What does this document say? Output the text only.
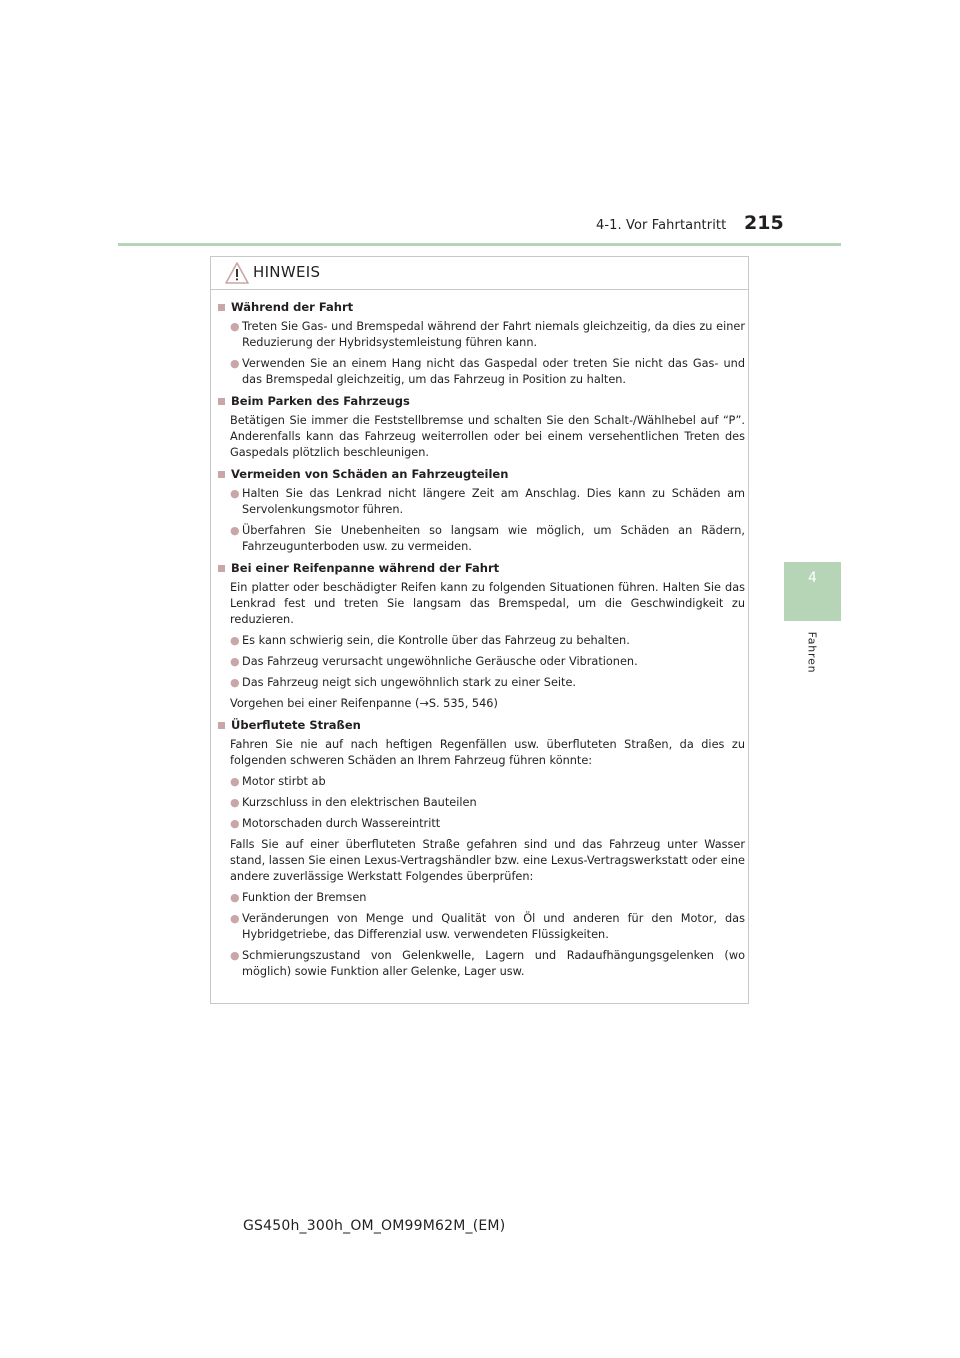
4-1. Vor Fahrtantritt 215
4
Fahren
HINWEIS
Während der Fahrt
● Treten Sie Gas- und Bremspedal während der Fahrt niemals gleichzeitig, da dies zu einer Reduzierung der Hybridsystemleistung führen kann.
● Verwenden Sie an einem Hang nicht das Gaspedal oder treten Sie nicht das Gas- und das Bremspedal gleichzeitig, um das Fahrzeug in Position zu halten.
Beim Parken des Fahrzeugs
Betätigen Sie immer die Feststellbremse und schalten Sie den Schalt-/Wählhebel auf “P”. Anderenfalls kann das Fahrzeug weiterrollen oder bei einem versehentlichen Treten des Gaspedals plötzlich beschleunigen.
Vermeiden von Schäden an Fahrzeugteilen
● Halten Sie das Lenkrad nicht längere Zeit am Anschlag. Dies kann zu Schäden am Servolenkungsmotor führen.
● Überfahren Sie Unebenheiten so langsam wie möglich, um Schäden an Rädern, Fahrzeugunterboden usw. zu vermeiden.
Bei einer Reifenpanne während der Fahrt
Ein platter oder beschädigter Reifen kann zu folgenden Situationen führen. Halten Sie das Lenkrad fest und treten Sie langsam das Bremspedal, um die Geschwindigkeit zu reduzieren.
● Es kann schwierig sein, die Kontrolle über das Fahrzeug zu behalten.
● Das Fahrzeug verursacht ungewöhnliche Geräusche oder Vibrationen.
● Das Fahrzeug neigt sich ungewöhnlich stark zu einer Seite.
Vorgehen bei einer Reifenpanne (→S. 535, 546)
Überflutete Straßen
Fahren Sie nie auf nach heftigen Regenfällen usw. überfluteten Straßen, da dies zu folgenden schweren Schäden an Ihrem Fahrzeug führen könnte:
● Motor stirbt ab
● Kurzschluss in den elektrischen Bauteilen
● Motorschaden durch Wassereintritt
Falls Sie auf einer überfluteten Straße gefahren sind und das Fahrzeug unter Wasser stand, lassen Sie einen Lexus-Vertragshändler bzw. eine Lexus-Vertragswerkstatt oder eine andere zuverlässige Werkstatt Folgendes überprüfen:
● Funktion der Bremsen
● Veränderungen von Menge und Qualität von Öl und anderen für den Motor, das Hybridgetriebe, das Differenzial usw. verwendeten Flüssigkeiten.
● Schmierungszustand von Gelenkwelle, Lagern und Radaufhängungsgelenken (wo möglich) sowie Funktion aller Gelenke, Lager usw.
GS450h_300h_OM_OM99M62M_(EM)
